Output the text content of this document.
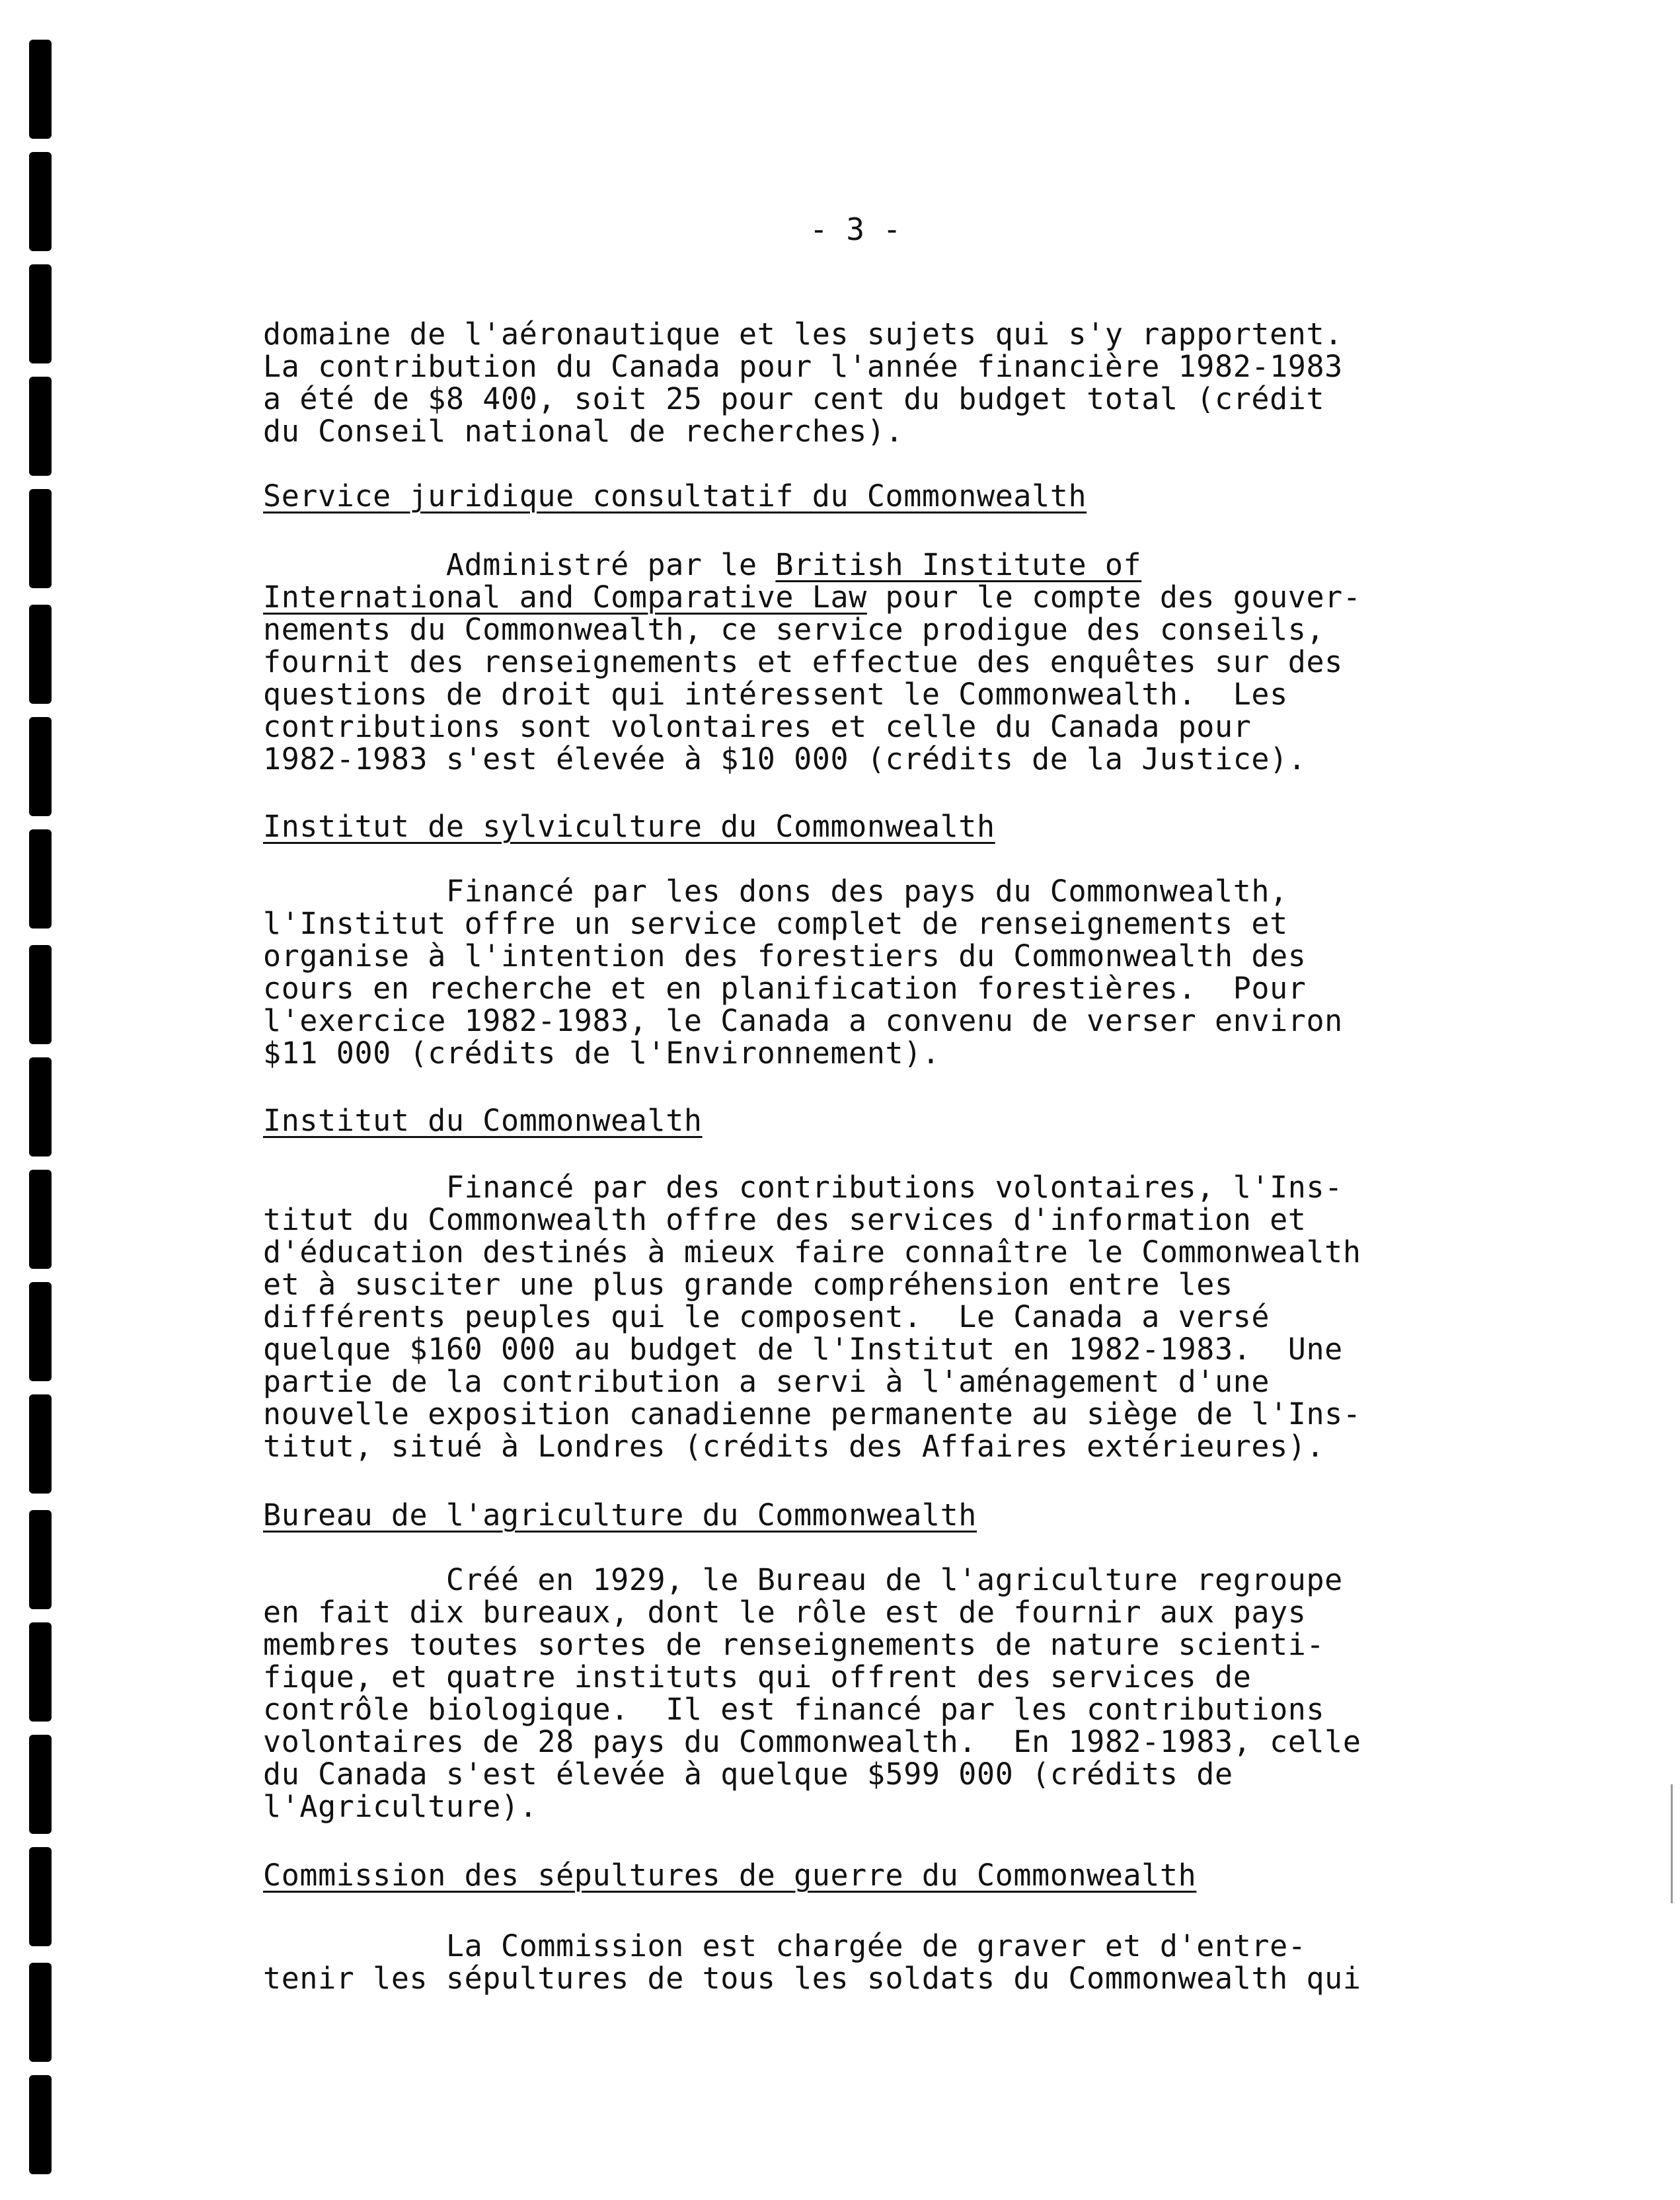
- 3 -
domaine de l'aéronautique et les sujets qui s'y rapportent.
La contribution du Canada pour l'année financière 1982-1983
a été de $8 400, soit 25 pour cent du budget total (crédit
du Conseil national de recherches).
Service juridique consultatif du Commonwealth
Administré par le British Institute of
International and Comparative Law pour le compte des gouver-
nements du Commonwealth, ce service prodigue des conseils,
fournit des renseignements et effectue des enquêtes sur des
questions de droit qui intéressent le Commonwealth.  Les
contributions sont volontaires et celle du Canada pour
1982-1983 s'est élevée à $10 000 (crédits de la Justice).
Institut de sylviculture du Commonwealth
Financé par les dons des pays du Commonwealth,
l'Institut offre un service complet de renseignements et
organise à l'intention des forestiers du Commonwealth des
cours en recherche et en planification forestières.  Pour
l'exercice 1982-1983, le Canada a convenu de verser environ
$11 000 (crédits de l'Environnement).
Institut du Commonwealth
Financé par des contributions volontaires, l'Ins-
titut du Commonwealth offre des services d'information et
d'éducation destinés à mieux faire connaître le Commonwealth
et à susciter une plus grande compréhension entre les
différents peuples qui le composent.  Le Canada a versé
quelque $160 000 au budget de l'Institut en 1982-1983.  Une
partie de la contribution a servi à l'aménagement d'une
nouvelle exposition canadienne permanente au siège de l'Ins-
titut, situé à Londres (crédits des Affaires extérieures).
Bureau de l'agriculture du Commonwealth
Créé en 1929, le Bureau de l'agriculture regroupe
en fait dix bureaux, dont le rôle est de fournir aux pays
membres toutes sortes de renseignements de nature scienti-
fique, et quatre instituts qui offrent des services de
contrôle biologique.  Il est financé par les contributions
volontaires de 28 pays du Commonwealth.  En 1982-1983, celle
du Canada s'est élevée à quelque $599 000 (crédits de
l'Agriculture).
Commission des sépultures de guerre du Commonwealth
La Commission est chargée de graver et d'entre-
tenir les sépultures de tous les soldats du Commonwealth qui
